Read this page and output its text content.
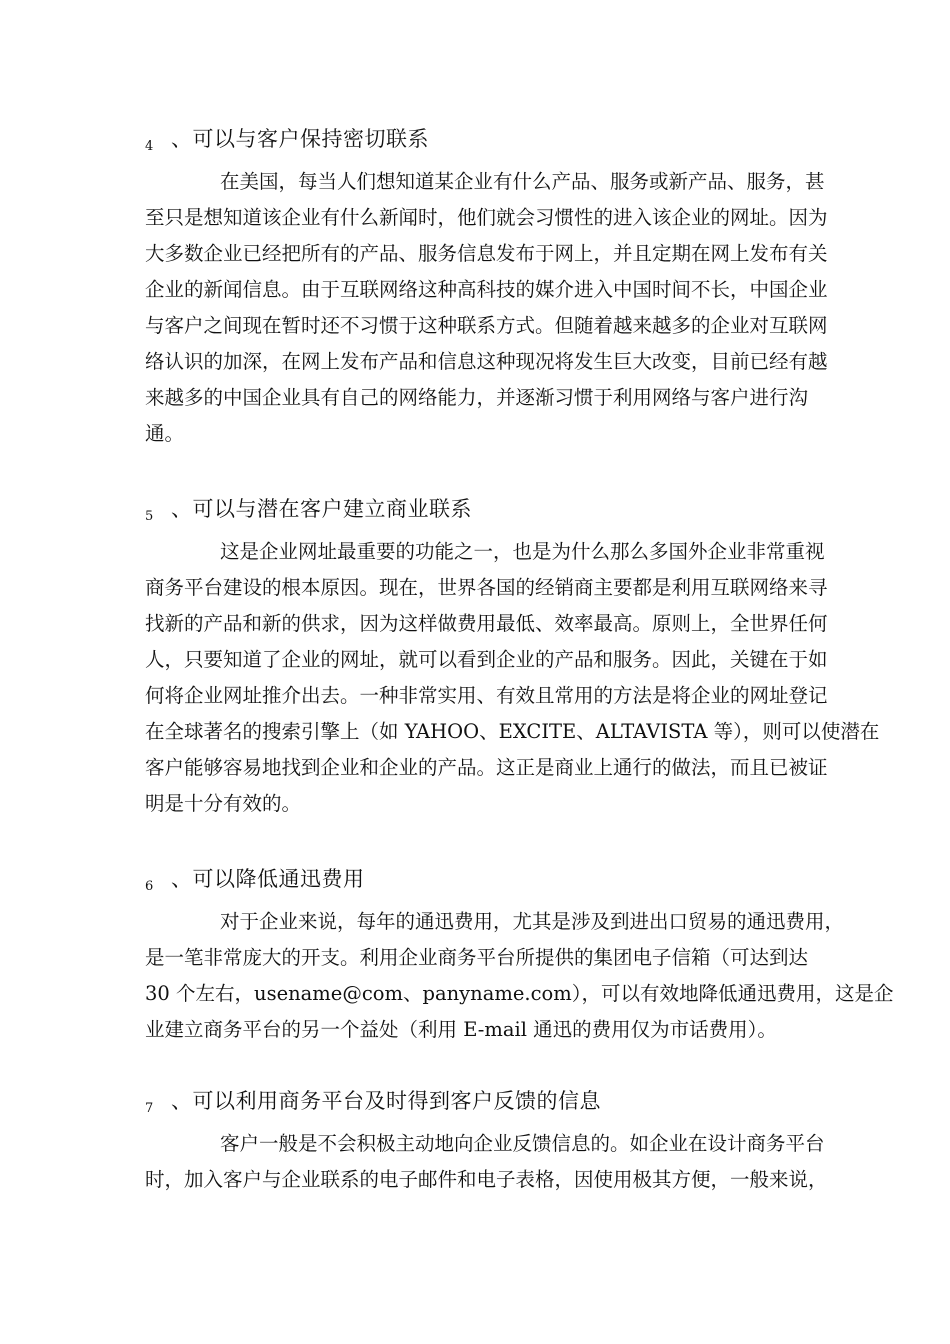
4 、可以与客户保持密切联系
在美国，每当人们想知道某企业有什么产品、服务或新产品、服务，甚
至只是想知道该企业有什么新闻时，他们就会习惯性的进入该企业的网址。因为
大多数企业已经把所有的产品、服务信息发布于网上，并且定期在网上发布有关
企业的新闻信息。由于互联网络这种高科技的媒介进入中国时间不长，中国企业
与客户之间现在暂时还不习惯于这种联系方式。但随着越来越多的企业对互联网
络认识的加深，在网上发布产品和信息这种现况将发生巨大改变，目前已经有越
来越多的中国企业具有自己的网络能力，并逐渐习惯于利用网络与客户进行沟
通。
5 、可以与潜在客户建立商业联系
这是企业网址最重要的功能之一，也是为什么那么多国外企业非常重视
商务平台建设的根本原因。现在，世界各国的经销商主要都是利用互联网络来寻
找新的产品和新的供求，因为这样做费用最低、效率最高。原则上，全世界任何
人，只要知道了企业的网址，就可以看到企业的产品和服务。因此，关键在于如
何将企业网址推介出去。一种非常实用、有效且常用的方法是将企业的网址登记
在全球著名的搜索引擎上（如 YAHOO、EXCITE、ALTAVISTA 等），则可以使潜在
客户能够容易地找到企业和企业的产品。这正是商业上通行的做法，而且已被证
明是十分有效的。
6 、可以降低通迅费用
对于企业来说，每年的通迅费用，尤其是涉及到进出口贸易的通迅费用，
是一笔非常庞大的开支。利用企业商务平台所提供的集团电子信箱（可达到达
30 个左右，usename@com、panyname.com），可以有效地降低通迅费用，这是企
业建立商务平台的另一个益处（利用 E-mail 通迅的费用仅为市话费用）。
7 、可以利用商务平台及时得到客户反馈的信息
客户一般是不会积极主动地向企业反馈信息的。如企业在设计商务平台
时，加入客户与企业联系的电子邮件和电子表格，因使用极其方便，一般来说，
